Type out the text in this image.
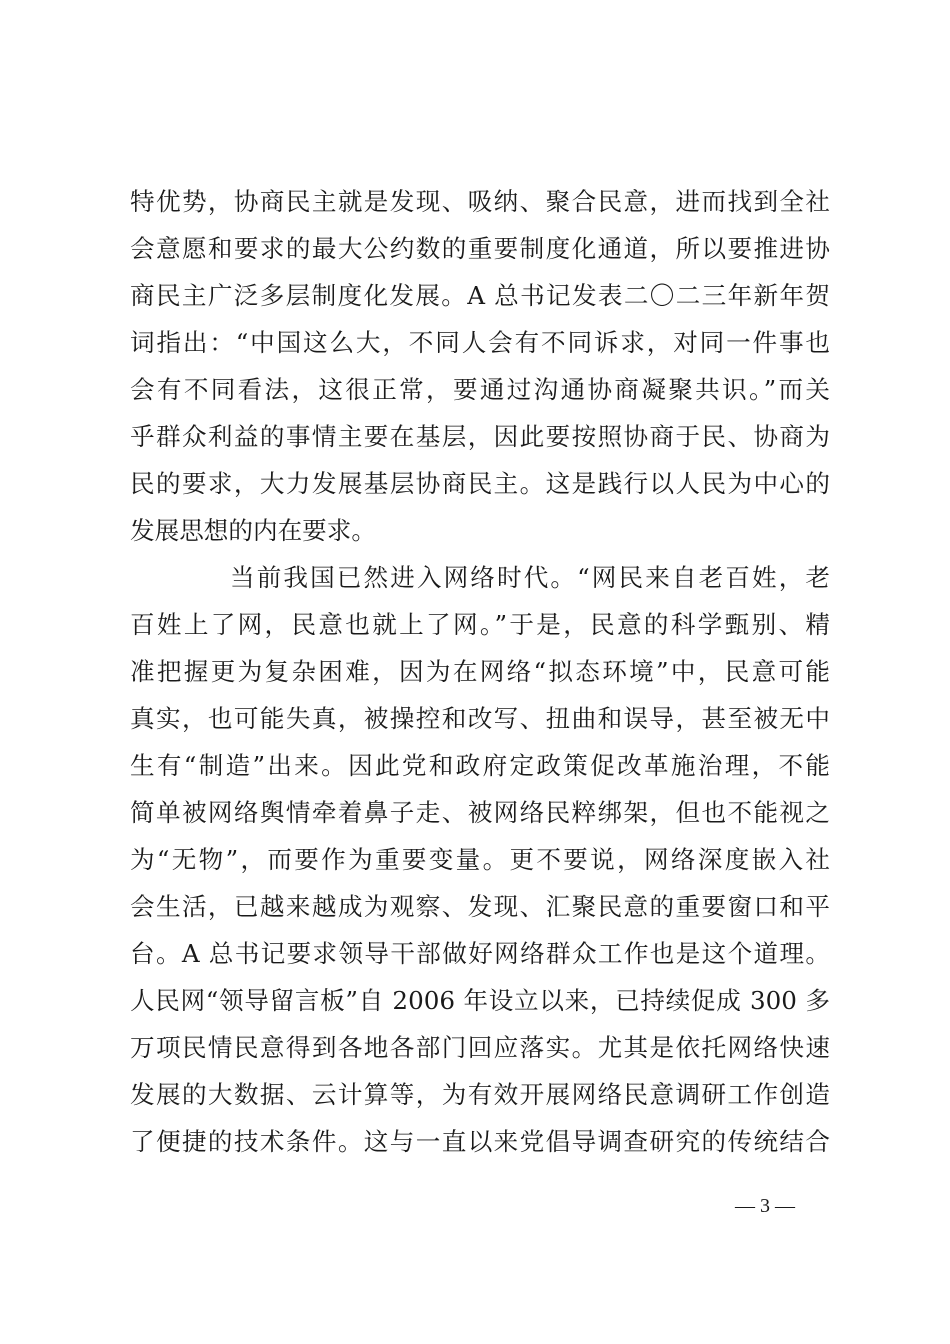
特优势，协商民主就是发现、吸纳、聚合民意，进而找到全社
会意愿和要求的最大公约数的重要制度化通道，所以要推进协
商民主广泛多层制度化发展。A 总书记发表二〇二三年新年贺
词指出：“中国这么大，不同人会有不同诉求，对同一件事也
会有不同看法，这很正常，要通过沟通协商凝聚共识。”而关
乎群众利益的事情主要在基层，因此要按照协商于民、协商为
民的要求，大力发展基层协商民主。这是践行以人民为中心的
发展思想的内在要求。
当前我国已然进入网络时代。“网民来自老百姓，老
百姓上了网，民意也就上了网。”于是，民意的科学甄别、精
准把握更为复杂困难，因为在网络“拟态环境”中，民意可能
真实，也可能失真，被操控和改写、扭曲和误导，甚至被无中
生有“制造”出来。因此党和政府定政策促改革施治理，不能
简单被网络舆情牵着鼻子走、被网络民粹绑架，但也不能视之
为“无物”，而要作为重要变量。更不要说，网络深度嵌入社
会生活，已越来越成为观察、发现、汇聚民意的重要窗口和平
台。A 总书记要求领导干部做好网络群众工作也是这个道理。
人民网“领导留言板”自 2006 年设立以来，已持续促成 300 多
万项民情民意得到各地各部门回应落实。尤其是依托网络快速
发展的大数据、云计算等，为有效开展网络民意调研工作创造
了便捷的技术条件。这与一直以来党倡导调查研究的传统结合
— 3 —
